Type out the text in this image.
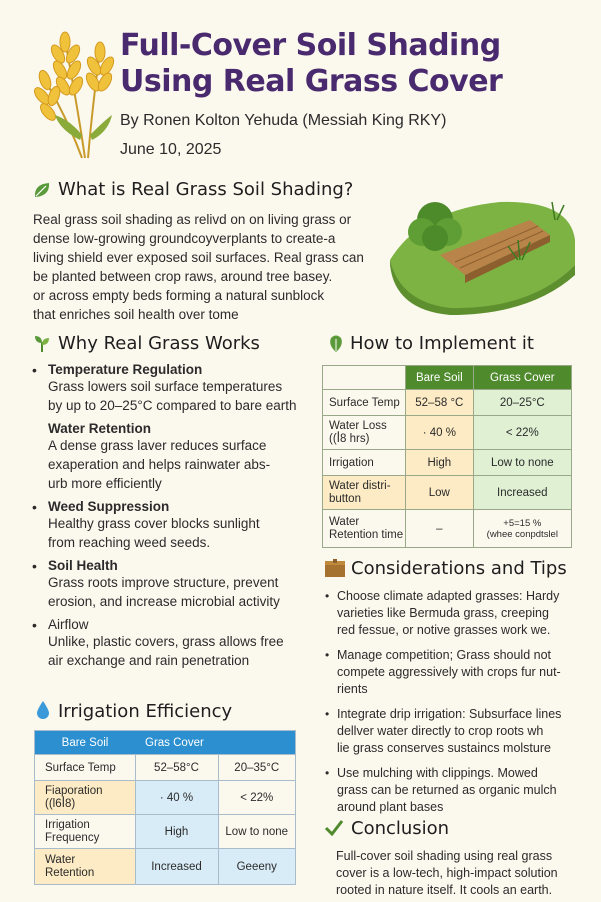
Full-Cover Soil Shading
Using Real Grass Cover
By Ronen Kolton Yehuda (Messiah King RKY)
June 10, 2025
What is Real Grass Soil Shading?
Real grass soil shading as relivd on on living grass or
dense low-growing groundcoyverplants to create-a
living shield ever exposed soil surfaces. Real grass can
be planted between crop raws, around tree basey.
or across empty beds forming a natural sunblock
that enriches soil health over tome
Why Real Grass Works
• Temperature Regulation
Grass lowers soil surface temperatures
by up to 20–25°C compared to bare earth
Water Retention
A dense grass laver reduces surface
exaperation and helps rainwater abs-
urb more efficiently
• Weed Suppression
Healthy grass cover blocks sunlight
from reaching weed seeds.
• Soil Health
Grass roots improve structure, prevent
erosion, and increase microbial activity
• Airflow
Unlike, plastic covers, grass allows free
air exchange and rain penetration
How to Implement it
	Bare Soil	Grass Cover
Surface Temp	52–58 °C	20–25°C
Water Loss
((ꟾ8 hrs)	· 40 %	< 22%
Irrigation	High	Low to none
Water distri-
button	Low	Increased
Water
Retention time	–	+5=15 %
(whee conpdtslel
Irrigation Efficiency
Bare Soil	Gras Cover	
Surface Temp	52–58°C	20–35°C
Fiaporation
((l6ꟾ8)	· 40 %	< 22%
Irrigation
Frequency	High	Low to none
Water
Retention	Increased	Geeeny
Considerations and Tips
• Choose climate adapted grasses: Hardy
varieties like Bermuda grass, creeping
red fessue, or notive grasses work we.
• Manage competition; Grass should not
compete aggressively with crops fur nut-
rients
• Integrate drip irrigation: Subsurface lines
dellver water directly to crop roots wh
lie grass conserves sustaincs molsture
• Use mulching with clippings. Mowed
grass can be returned as organic mulch
around plant bases
Conclusion
Full-cover soil shading using real grass
cover is a low-tech, high-impact solution
rooted in nature itself. It cools an earth.
